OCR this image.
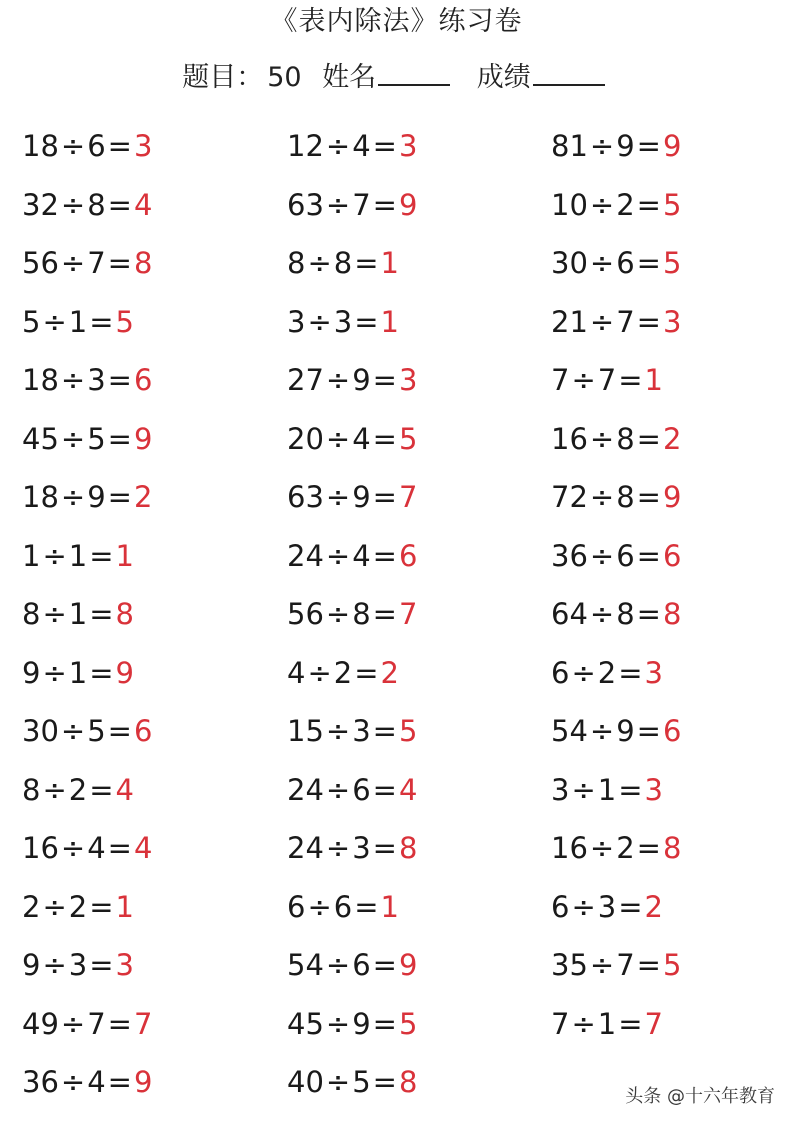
《表内除法》练习卷
题目： 50 姓名	成绩
18÷6=3	12÷4=3	81÷9=9
32÷8=4	63÷7=9	10÷2=5
56÷7=8	8÷8=1	30÷6=5
5÷1=5	3÷3=1	21÷7=3
18÷3=6	27÷9=3	7÷7=1
45÷5=9	20÷4=5	16÷8=2
18÷9=2	63÷9=7	72÷8=9
1÷1=1	24÷4=6	36÷6=6
8÷1=8	56÷8=7	64÷8=8
9÷1=9	4÷2=2	6÷2=3
30÷5=6	15÷3=5	54÷9=6
8÷2=4	24÷6=4	3÷1=3
16÷4=4	24÷3=8	16÷2=8
2÷2=1	6÷6=1	6÷3=2
9÷3=3	54÷6=9	35÷7=5
49÷7=7	45÷9=5	7÷1=7
36÷4=9	40÷5=8	头条 @十六年教育
